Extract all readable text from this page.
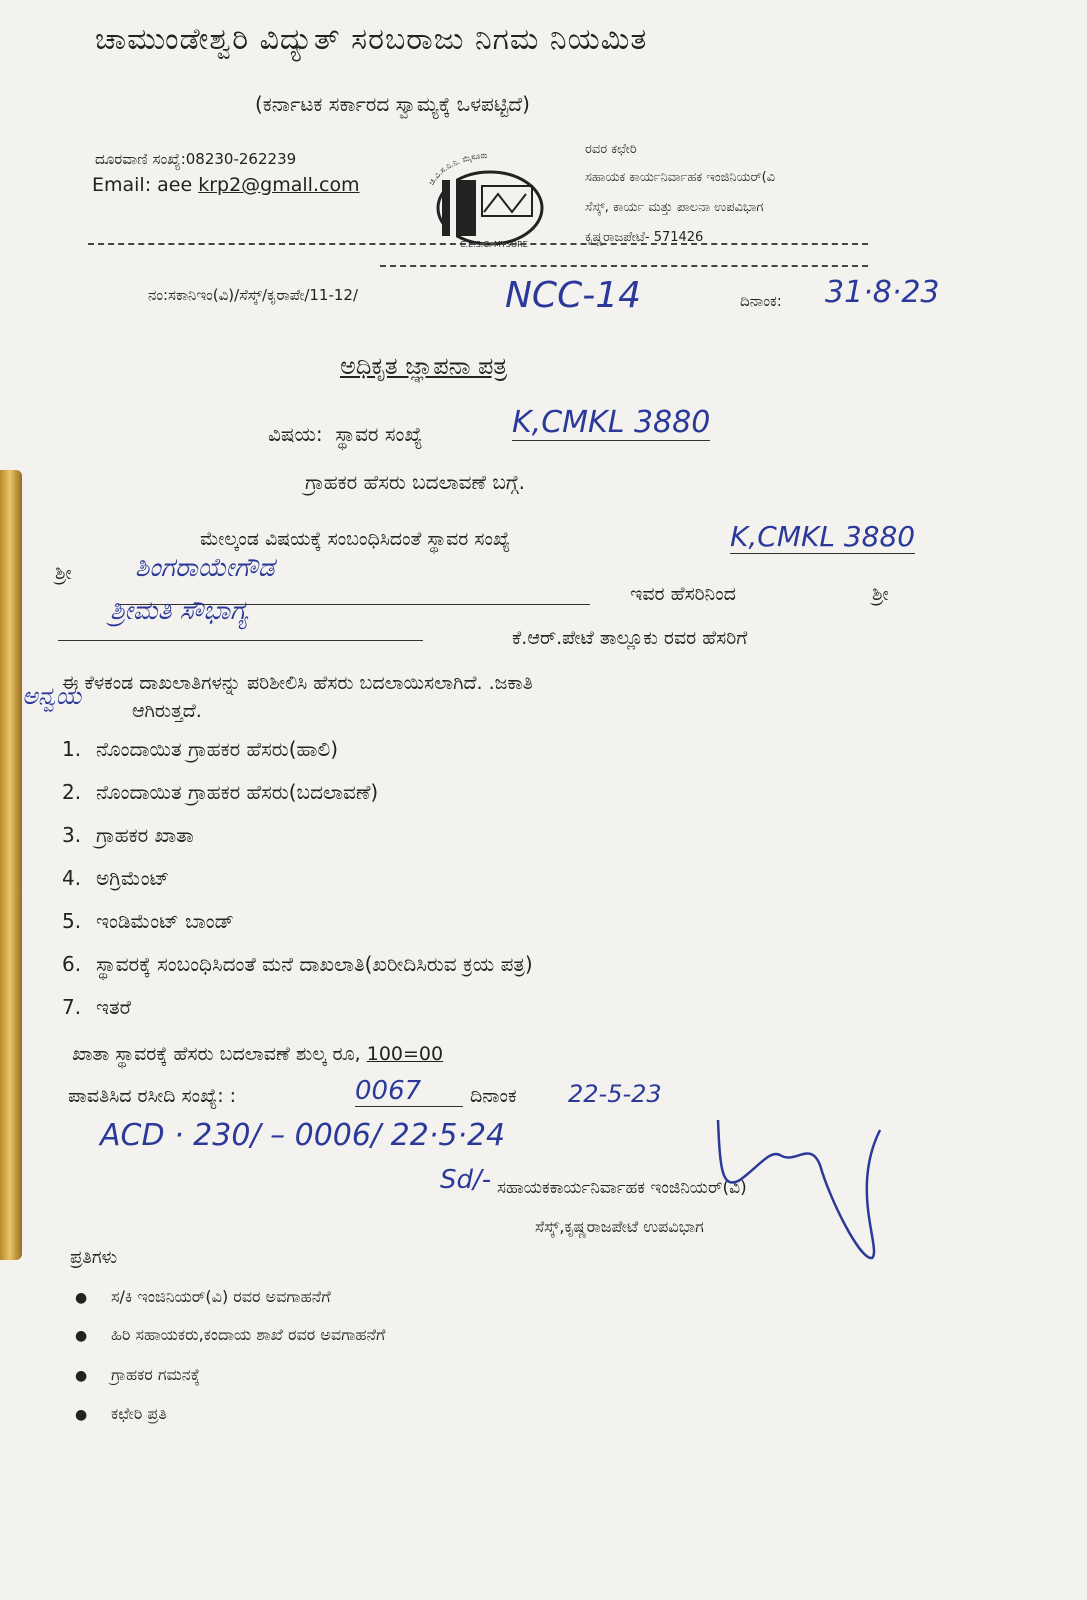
ಚಾಮುಂಡೇಶ್ವರಿ ವಿದ್ಯುತ್ ಸರಬರಾಜು ನಿಗಮ ನಿಯಮಿತ
(ಕರ್ನಾಟಕ ಸರ್ಕಾರದ ಸ್ವಾಮ್ಯಕ್ಕೆ ಒಳಪಟ್ಟಿದೆ)
ದೂರವಾಣಿ ಸಂಖ್ಯೆ:08230-262239
Email: aee krp2@gmall.com	ಚ.ವಿ.ಸ.ನಿ.ನಿ. ಮೈಸೂರು
C.E.S.C. MYSORE
ರವರ ಕಛೇರಿ
ಸಹಾಯಕ ಕಾರ್ಯನಿರ್ವಾಹಕ ಇಂಜಿನಿಯರ್(ವಿ
ಸೆಸ್ಕ್, ಕಾರ್ಯ ಮತ್ತು ಪಾಲನಾ ಉಪವಿಭಾಗ
ಕೃಷ್ಣರಾಜಪೇಟೆ- 571426
ನಂ:ಸಕಾನಿಇಂ(ವಿ)/ಸೆಸ್ಕ್/ಕೃರಾಪೇ/11-12/	NCC-14	ದಿನಾಂಕ: 31·8·23
ಅಧಿಕೃತ ಜ್ಞಾಪನಾ ಪತ್ರ
ವಿಷಯ: ಸ್ಥಾವರ ಸಂಖ್ಯೆ	K,CMKL 3880
ಗ್ರಾಹಕರ ಹೆಸರು ಬದಲಾವಣೆ ಬಗ್ಗೆ.
ಮೇಲ್ಕಂಡ ವಿಷಯಕ್ಕೆ ಸಂಬಂಧಿಸಿದಂತೆ ಸ್ಥಾವರ ಸಂಖ್ಯೆ	K,CMKL 3880
ಶ್ರೀ ಶಿಂಗರಾಯೇಗೌಡ
ಇವರ ಹೆಸರಿನಿಂದ	ಶ್ರೀ
ಶ್ರೀಮತಿ ಸೌಭಾಗ್ಯ
ಕೆ.ಆರ್.ಪೇಟೆ ತಾಲ್ಲೂಕು ರವರ ಹೆಸರಿಗೆ
ಈ ಕೆಳಕಂಡ ದಾಖಲಾತಿಗಳನ್ನು ಪರಿಶೀಲಿಸಿ ಹೆಸರು ಬದಲಾಯಿಸಲಾಗಿದೆ. .ಜಕಾತಿ
ಅನ್ವಯ
ಆಗಿರುತ್ತದೆ.
1. ನೊಂದಾಯಿತ ಗ್ರಾಹಕರ ಹೆಸರು(ಹಾಲಿ)
2. ನೊಂದಾಯಿತ ಗ್ರಾಹಕರ ಹೆಸರು(ಬದಲಾವಣೆ)
3. ಗ್ರಾಹಕರ ಖಾತಾ
4. ಅಗ್ರಿಮೆಂಟ್
5. ಇಂಡಿಮೆಂಟ್ ಬಾಂಡ್
6. ಸ್ಥಾವರಕ್ಕೆ ಸಂಬಂಧಿಸಿದಂತೆ ಮನೆ ದಾಖಲಾತಿ(ಖರೀದಿಸಿರುವ ಕ್ರಯ ಪತ್ರ)
7. ಇತರೆ
ಖಾತಾ ಸ್ಥಾವರಕ್ಕೆ ಹೆಸರು ಬದಲಾವಣೆ ಶುಲ್ಕ ರೂ, 100=00
ಪಾವತಿಸಿದ ರಸೀದಿ ಸಂಖ್ಯೆ: :	0067	ದಿನಾಂಕ 22-5-23
ACD · 230/ – 0006/ 22·5·24
Sd/- ಸಹಾಯಕಕಾರ್ಯನಿರ್ವಾಹಕ ಇಂಜಿನಿಯರ್(ವಿ)
ಸೆಸ್ಕ್,ಕೃಷ್ಣರಾಜಪೇಟೆ ಉಪವಿಭಾಗ
ಪ್ರತಿಗಳು
● ಸ/ಕಿ ಇಂಜಿನಿಯರ್(ವಿ) ರವರ ಅವಗಾಹನೆಗೆ
● ಹಿರಿ ಸಹಾಯಕರು,ಕಂದಾಯ ಶಾಖೆ ರವರ ಅವಗಾಹನೆಗೆ
● ಗ್ರಾಹಕರ ಗಮನಕ್ಕೆ
● ಕಛೇರಿ ಪ್ರತಿ
